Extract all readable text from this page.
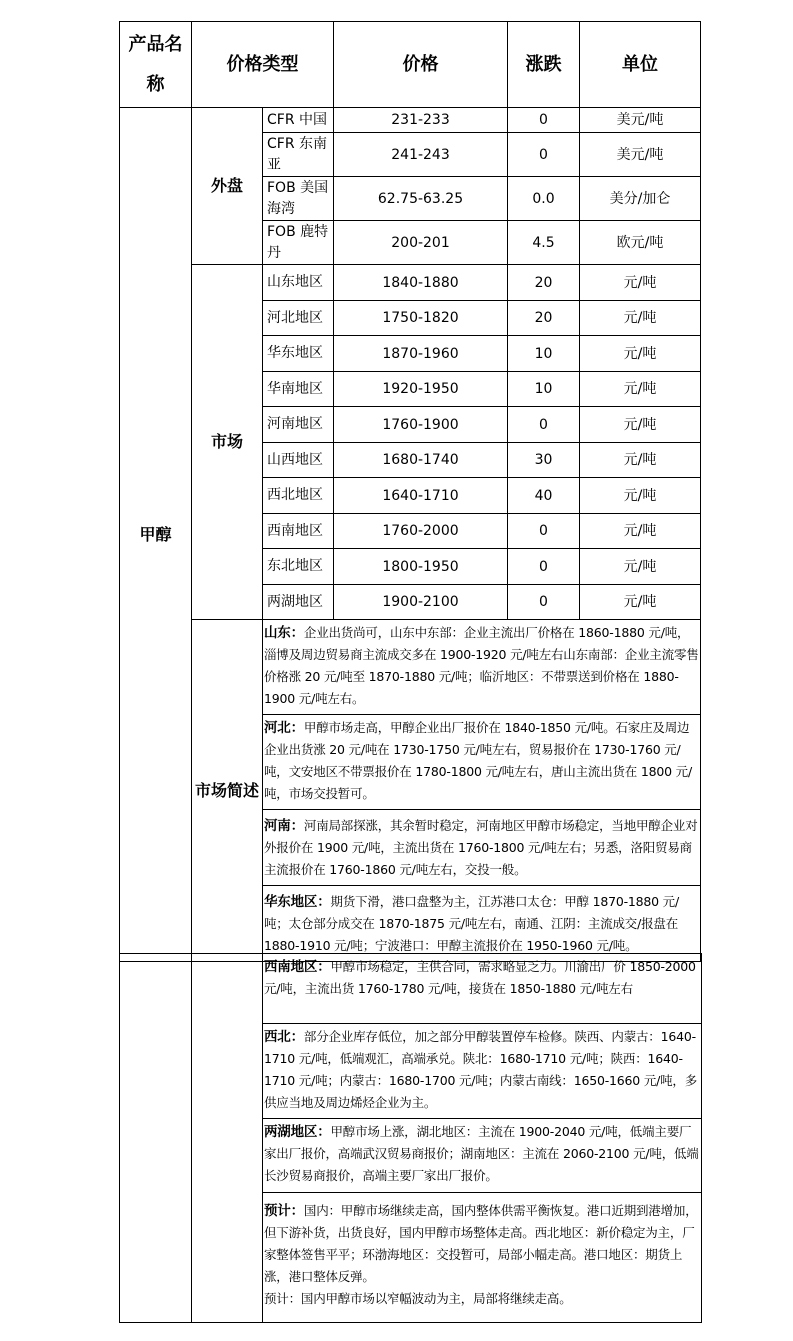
产品名称	价格类型		价格	涨跌	单位
甲醇	外盘	CFR 中国	231-233	0	美元/吨
		CFR 东南亚	241-243	0	美元/吨
		FOB 美国海湾	62.75-63.25	0.0	美分/加仑
		FOB 鹿特丹	200-201	4.5	欧元/吨
	市场	山东地区	1840-1880	20	元/吨
		河北地区	1750-1820	20	元/吨
		华东地区	1870-1960	10	元/吨
		华南地区	1920-1950	10	元/吨
		河南地区	1760-1900	0	元/吨
		山西地区	1680-1740	30	元/吨
		西北地区	1640-1710	40	元/吨
		西南地区	1760-2000	0	元/吨
		东北地区	1800-1950	0	元/吨
		两湖地区	1900-2100	0	元/吨
	市场简述	山东：企业出货尚可，山东中东部：企业主流出厂价格在 1860-1880 元/吨，淄博及周边贸易商主流成交多在 1900-1920 元/吨左右山东南部：企业主流零售价格涨 20 元/吨至 1870-1880 元/吨；临沂地区：不带票送到价格在 1880-1900 元/吨左右。			
		河北：甲醇市场走高，甲醇企业出厂报价在 1840-1850 元/吨。石家庄及周边企业出货涨 20 元/吨在 1730-1750 元/吨左右，贸易报价在 1730-1760 元/吨，文安地区不带票报价在 1780-1800 元/吨左右，唐山主流出货在 1800 元/吨，市场交投暂可。			
		河南：河南局部探涨，其余暂时稳定，河南地区甲醇市场稳定，当地甲醇企业对外报价在 1900 元/吨，主流出货在 1760-1800 元/吨左右；另悉，洛阳贸易商主流报价在 1760-1860 元/吨左右，交投一般。			
		华东地区：期货下滑，港口盘整为主，江苏港口太仓：甲醇 1870-1880 元/吨；太仓部分成交在 1870-1875 元/吨左右，南通、江阴：主流成交/报盘在 1880-1910 元/吨；宁波港口：甲醇主流报价在 1950-1960 元/吨。			
		西南地区：甲醇市场稳定，主供合同，需求略显乏力。川渝出厂价 1850-2000 元/吨，主流出货 1760-1780 元/吨，接货在 1850-1880 元/吨左右
西北：部分企业库存低位，加之部分甲醇装置停车检修。陕西、内蒙古：1640-1710 元/吨，低端观汇，高端承兑。陕北：1680-1710 元/吨；陕西：1640-1710 元/吨；内蒙古：1680-1700 元/吨；内蒙古南线：1650-1660 元/吨，多供应当地及周边烯烃企业为主。
两湖地区：甲醇市场上涨，湖北地区：主流在 1900-2040 元/吨，低端主要厂家出厂报价，高端武汉贸易商报价；湖南地区：主流在 2060-2100 元/吨，低端长沙贸易商报价，高端主要厂家出厂报价。
预计：国内：甲醇市场继续走高，国内整体供需平衡恢复。港口近期到港增加，但下游补货，出货良好，国内甲醇市场整体走高。西北地区：新价稳定为主，厂家整体签售平平；环渤海地区：交投暂可，局部小幅走高。港口地区：期货上涨，港口整体反弹。
预计：国内甲醇市场以窄幅波动为主，局部将继续走高。
